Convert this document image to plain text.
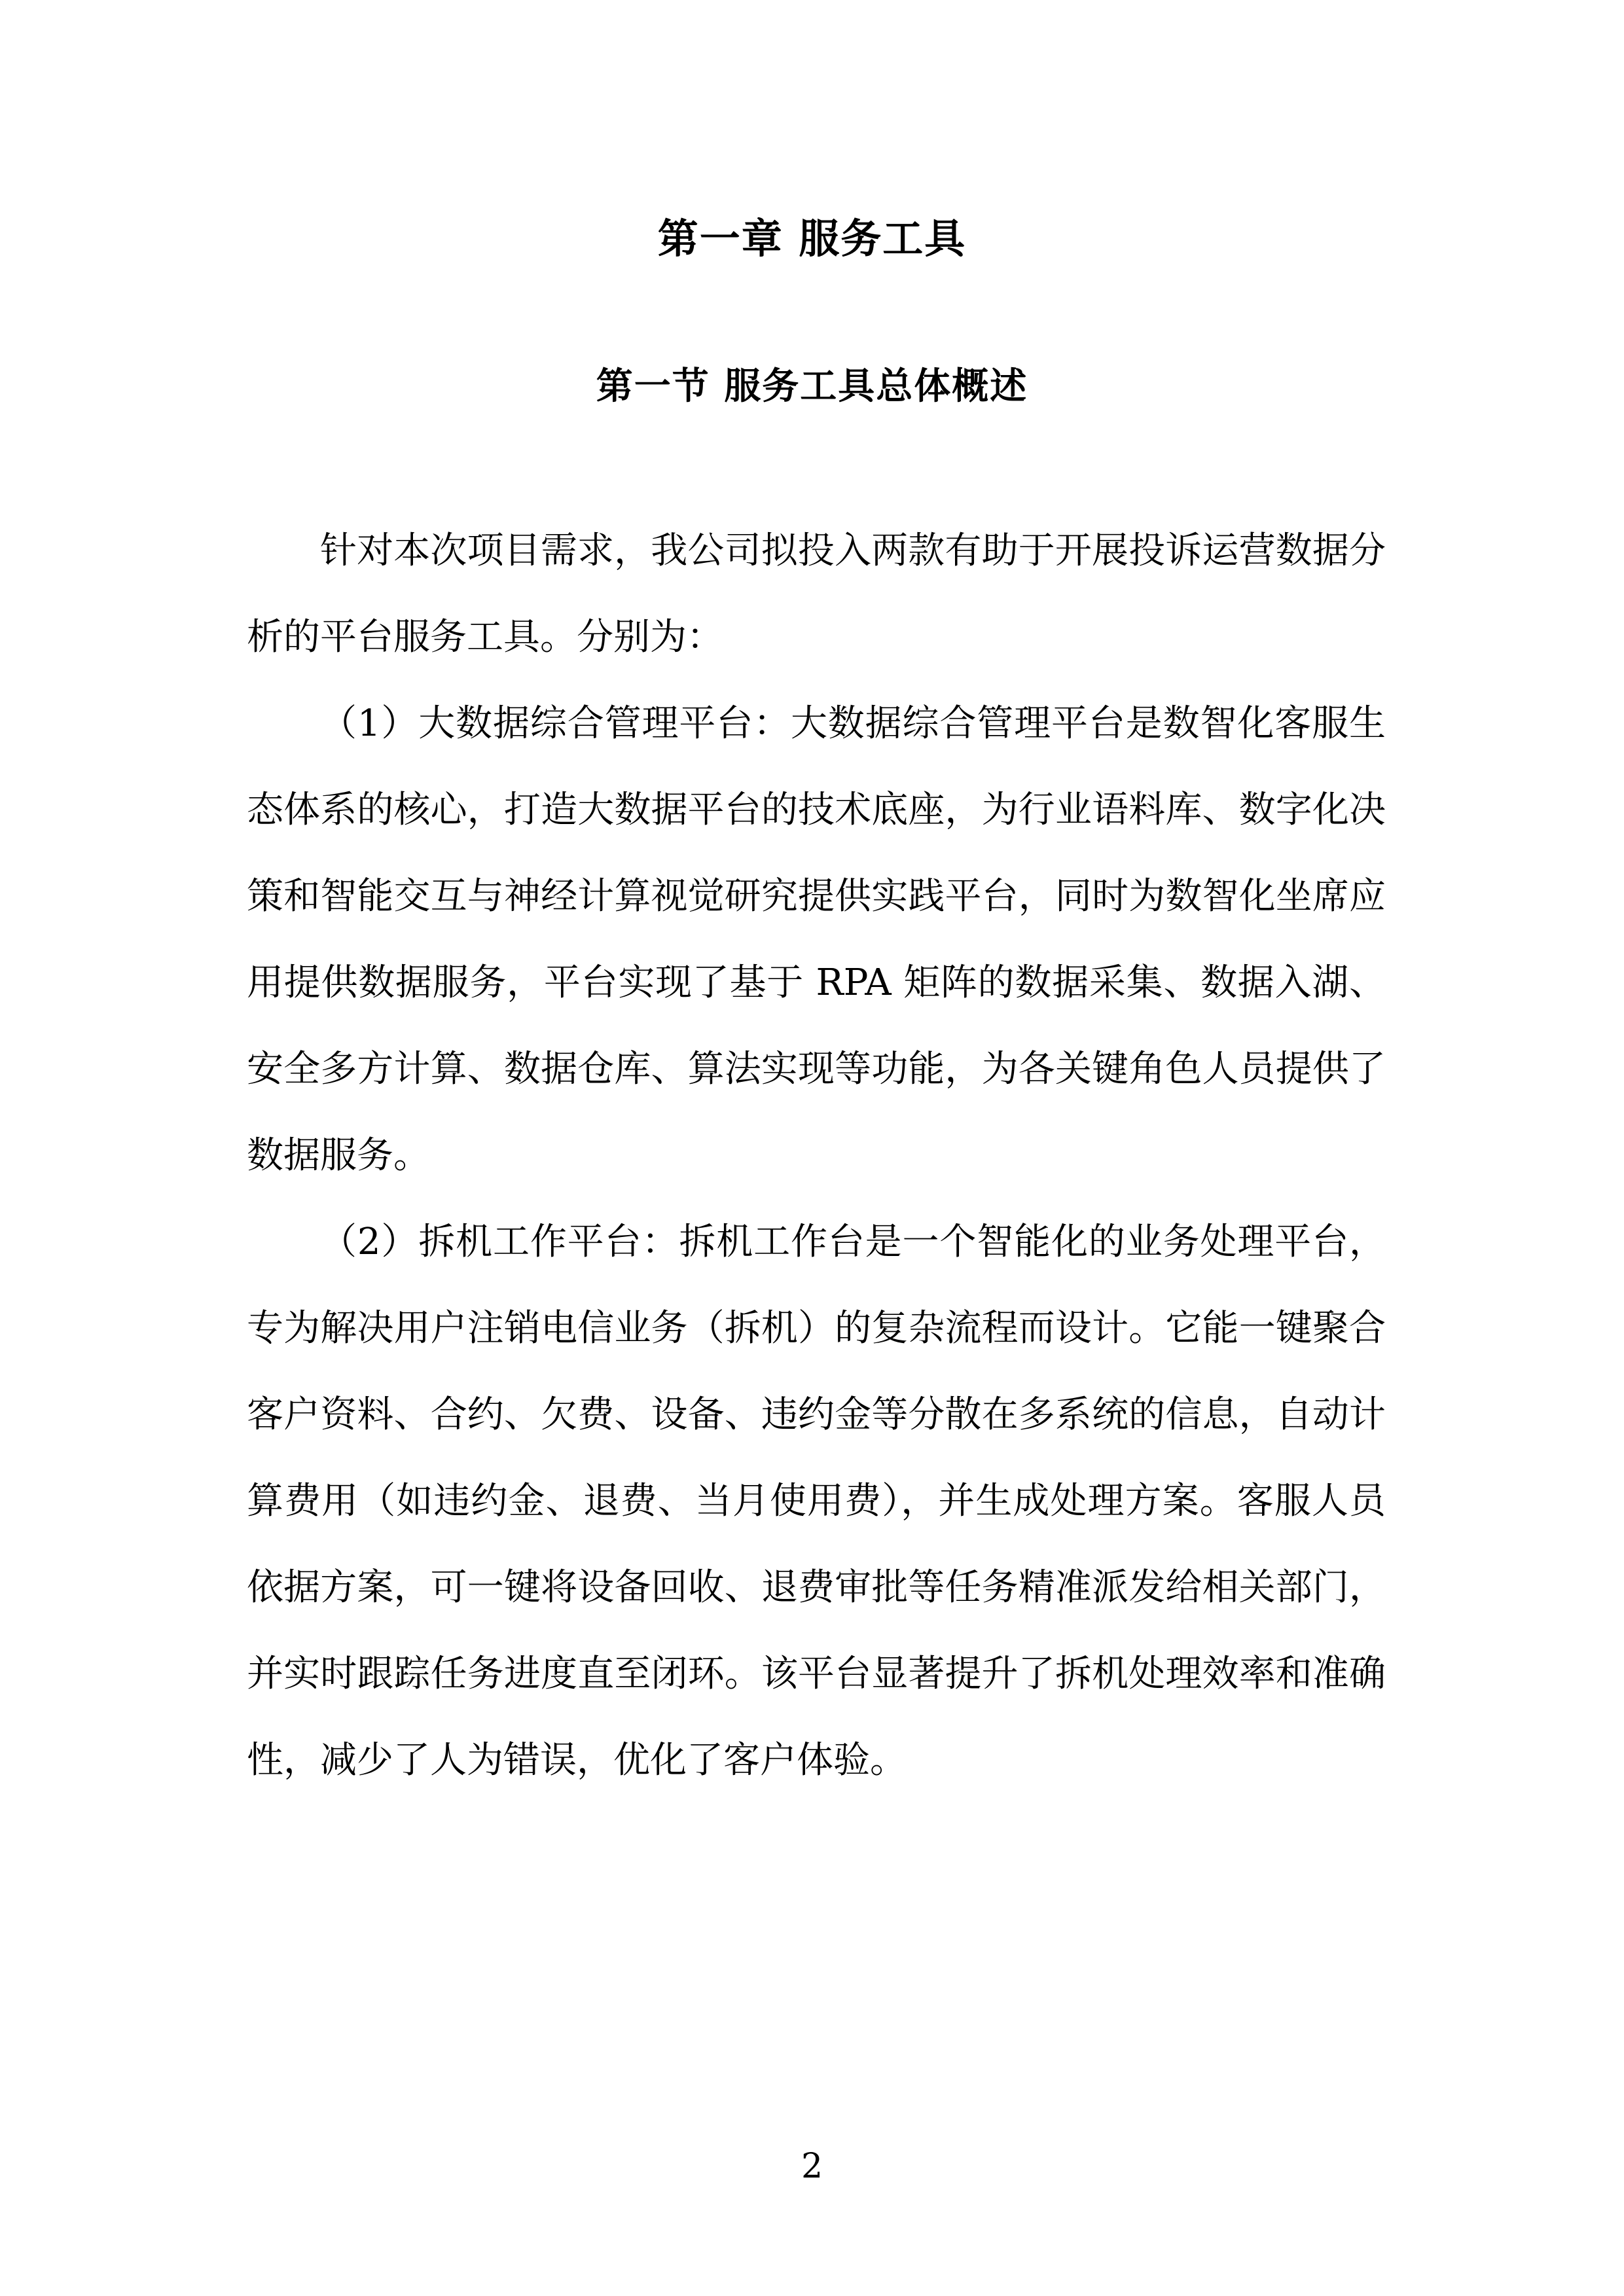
第一章 服务工具
第一节 服务工具总体概述

针对本次项目需求，我公司拟投入两款有助于开展投诉运营数据分析的平台服务工具。分别为：

（1）大数据综合管理平台：大数据综合管理平台是数智化客服生态体系的核心，打造大数据平台的技术底座，为行业语料库、数字化决策和智能交互与神经计算视觉研究提供实践平台，同时为数智化坐席应用提供数据服务，平台实现了基于 RPA 矩阵的数据采集、数据入湖、安全多方计算、数据仓库、算法实现等功能，为各关键角色人员提供了数据服务。

（2）拆机工作平台：拆机工作台是一个智能化的业务处理平台，专为解决用户注销电信业务（拆机）的复杂流程而设计。它能一键聚合客户资料、合约、欠费、设备、违约金等分散在多系统的信息，自动计算费用（如违约金、退费、当月使用费），并生成处理方案。客服人员依据方案，可一键将设备回收、退费审批等任务精准派发给相关部门，并实时跟踪任务进度直至闭环。该平台显著提升了拆机处理效率和准确性，减少了人为错误，优化了客户体验。

2
